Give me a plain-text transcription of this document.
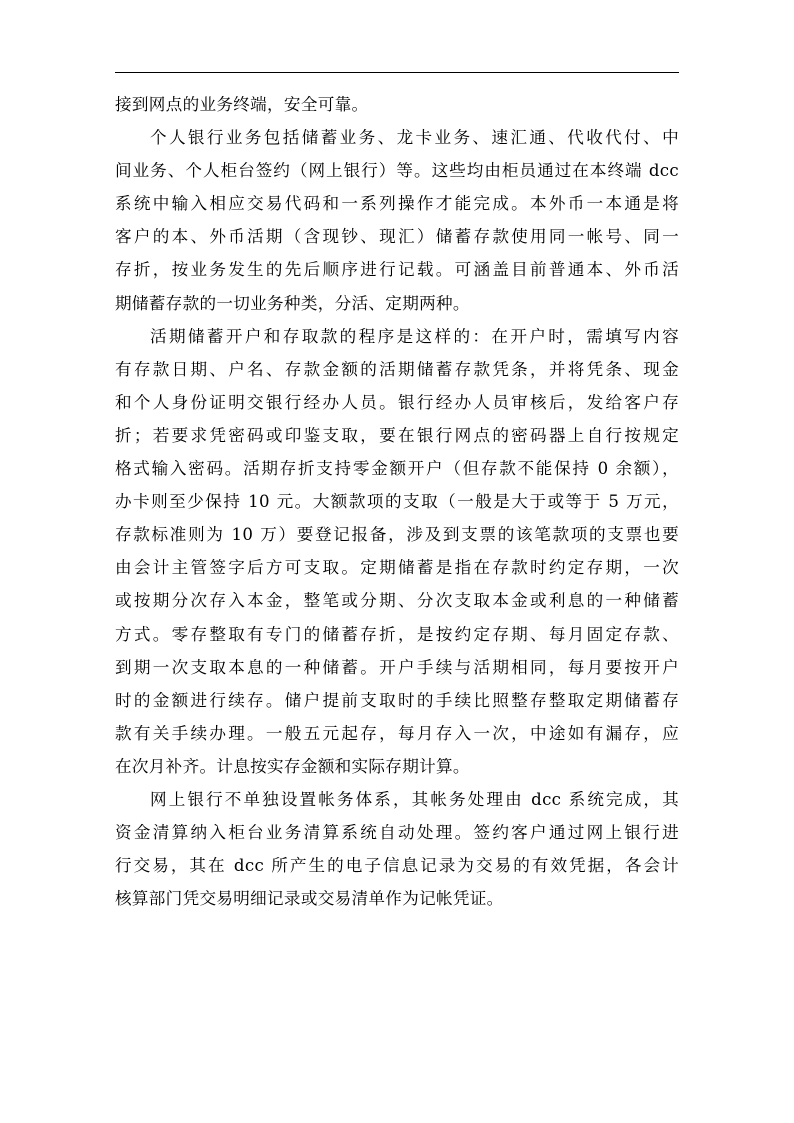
接到网点的业务终端，安全可靠。
个人银行业务包括储蓄业务、龙卡业务、速汇通、代收代付、中
间业务、个人柜台签约（网上银行）等。这些均由柜员通过在本终端 dcc
系统中输入相应交易代码和一系列操作才能完成。本外币一本通是将
客户的本、外币活期（含现钞、现汇）储蓄存款使用同一帐号、同一
存折，按业务发生的先后顺序进行记载。可涵盖目前普通本、外币活
期储蓄存款的一切业务种类，分活、定期两种。
活期储蓄开户和存取款的程序是这样的：在开户时，需填写内容
有存款日期、户名、存款金额的活期储蓄存款凭条，并将凭条、现金
和个人身份证明交银行经办人员。银行经办人员审核后，发给客户存
折；若要求凭密码或印鉴支取，要在银行网点的密码器上自行按规定
格式输入密码。活期存折支持零金额开户（但存款不能保持 0 余额），
办卡则至少保持 10 元。大额款项的支取（一般是大于或等于 5 万元，
存款标准则为 10 万）要登记报备，涉及到支票的该笔款项的支票也要
由会计主管签字后方可支取。定期储蓄是指在存款时约定存期，一次
或按期分次存入本金，整笔或分期、分次支取本金或利息的一种储蓄
方式。零存整取有专门的储蓄存折，是按约定存期、每月固定存款、
到期一次支取本息的一种储蓄。开户手续与活期相同，每月要按开户
时的金额进行续存。储户提前支取时的手续比照整存整取定期储蓄存
款有关手续办理。一般五元起存，每月存入一次，中途如有漏存，应
在次月补齐。计息按实存金额和实际存期计算。
网上银行不单独设置帐务体系，其帐务处理由 dcc 系统完成，其
资金清算纳入柜台业务清算系统自动处理。签约客户通过网上银行进
行交易，其在 dcc 所产生的电子信息记录为交易的有效凭据，各会计
核算部门凭交易明细记录或交易清单作为记帐凭证。
